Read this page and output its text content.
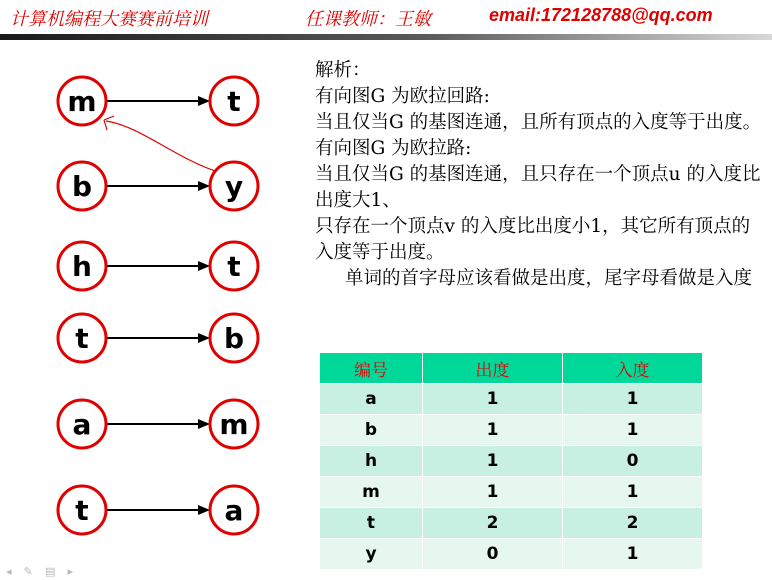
计算机编程大赛赛前培训	任课教师：王敏	email:172128788@qq.com
m	t
b	y
h	t
t	b
a	m
t	a

解析：

有向图G 为欧拉回路:

当且仅当G 的基图连通，且所有顶点的入度等于出度。

有向图G 为欧拉路:

当且仅当G 的基图连通，且只存在一个顶点u 的入度比出度大1、

只存在一个顶点v 的入度比出度小1，其它所有顶点的入度等于出度。

单词的首字母应该看做是出度，尾字母看做是入度

编号	出度	入度
a	1	1
b	1	1
h	1	0
m	1	1
t	2	2
y	0	1
◂ ✎ ▤ ▸
